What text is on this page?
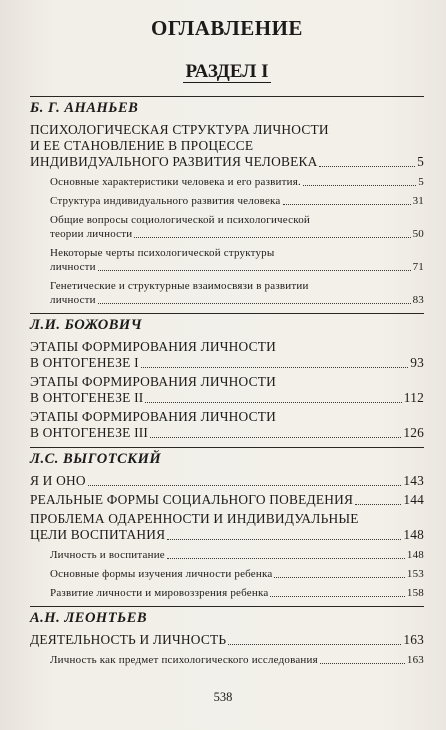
ОГЛАВЛЕНИЕ
РАЗДЕЛ I
Б. Г. АНАНЬЕВ
ПСИХОЛОГИЧЕСКАЯ СТРУКТУРА ЛИЧНОСТИ
И ЕЕ СТАНОВЛЕНИЕ В ПРОЦЕССЕ
ИНДИВИДУАЛЬНОГО РАЗВИТИЯ ЧЕЛОВЕКА	5
Основные характеристики человека и его развития.	5
Структура индивидуального развития человека	31
Общие вопросы социологической и психологической
теории личности	50
Некоторые черты психологической структуры
личности	71
Генетические и структурные взаимосвязи в развитии
личности	83
Л.И. БОЖОВИЧ
ЭТАПЫ ФОРМИРОВАНИЯ ЛИЧНОСТИ
В ОНТОГЕНЕЗЕ I	93
ЭТАПЫ ФОРМИРОВАНИЯ ЛИЧНОСТИ
В ОНТОГЕНЕЗЕ II	112
ЭТАПЫ ФОРМИРОВАНИЯ ЛИЧНОСТИ
В ОНТОГЕНЕЗЕ III	126
Л.С. ВЫГОТСКИЙ
Я И ОНО	143
РЕАЛЬНЫЕ ФОРМЫ СОЦИАЛЬНОГО ПОВЕДЕНИЯ	144
ПРОБЛЕМА ОДАРЕННОСТИ И ИНДИВИДУАЛЬНЫЕ
ЦЕЛИ ВОСПИТАНИЯ	148
Личность и воспитание	148
Основные формы изучения личности ребенка	153
Развитие личности и мировоззрения ребенка	158
А.Н. ЛЕОНТЬЕВ
ДЕЯТЕЛЬНОСТЬ И ЛИЧНОСТЬ	163
Личность как предмет психологического исследования	163
538
